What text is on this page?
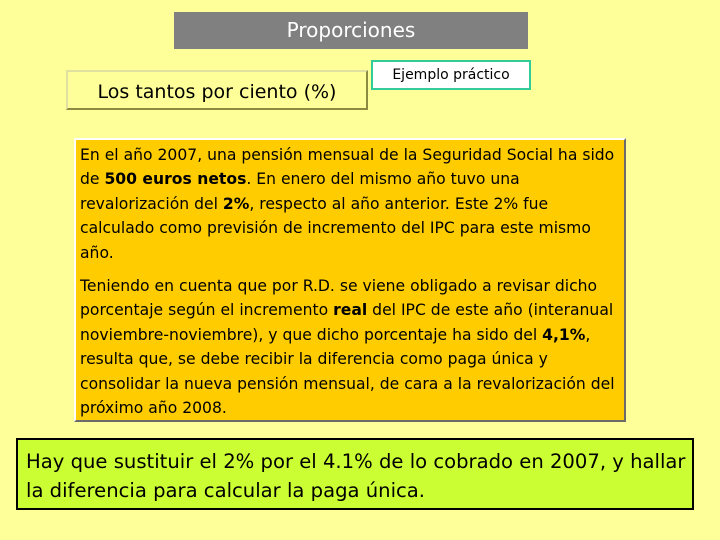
Proporciones
Los tantos por ciento (%)
Ejemplo práctico

En el año 2007, una pensión mensual de la Seguridad Social ha sido de 500 euros netos. En enero del mismo año tuvo una revalorización del 2%, respecto al año anterior. Este 2% fue calculado como previsión de incremento del IPC para este mismo año.

Teniendo en cuenta que por R.D. se viene obligado a revisar dicho porcentaje según el incremento real del IPC de este año (interanual noviembre-noviembre), y que dicho porcentaje ha sido del 4,1%, resulta que, se debe recibir la diferencia como paga única y consolidar la nueva pensión mensual, de cara a la revalorización del próximo año 2008.

Hay que sustituir el 2% por el 4.1% de lo cobrado en 2007, y hallar la diferencia para calcular la paga única.
